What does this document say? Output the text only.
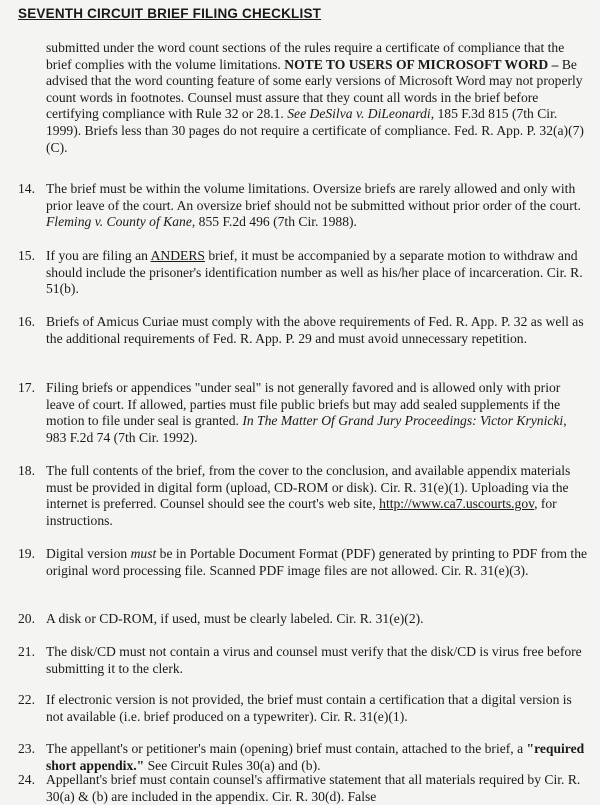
SEVENTH CIRCUIT BRIEF FILING CHECKLIST
submitted under the word count sections of the rules require a certificate of compliance that the brief complies with the volume limitations. NOTE TO USERS OF MICROSOFT WORD – Be advised that the word counting feature of some early versions of Microsoft Word may not properly count words in footnotes. Counsel must assure that they count all words in the brief before certifying compliance with Rule 32 or 28.1. See DeSilva v. DiLeonardi, 185 F.3d 815 (7th Cir. 1999). Briefs less than 30 pages do not require a certificate of compliance. Fed. R. App. P. 32(a)(7)(C).
14. The brief must be within the volume limitations. Oversize briefs are rarely allowed and only with prior leave of the court. An oversize brief should not be submitted without prior order of the court. Fleming v. County of Kane, 855 F.2d 496 (7th Cir. 1988).
15. If you are filing an ANDERS brief, it must be accompanied by a separate motion to withdraw and should include the prisoner's identification number as well as his/her place of incarceration. Cir. R. 51(b).
16. Briefs of Amicus Curiae must comply with the above requirements of Fed. R. App. P. 32 as well as the additional requirements of Fed. R. App. P. 29 and must avoid unnecessary repetition.
17. Filing briefs or appendices "under seal" is not generally favored and is allowed only with prior leave of court. If allowed, parties must file public briefs but may add sealed supplements if the motion to file under seal is granted. In The Matter Of Grand Jury Proceedings: Victor Krynicki, 983 F.2d 74 (7th Cir. 1992).
18. The full contents of the brief, from the cover to the conclusion, and available appendix materials must be provided in digital form (upload, CD-ROM or disk). Cir. R. 31(e)(1). Uploading via the internet is preferred. Counsel should see the court's web site, http://www.ca7.uscourts.gov, for instructions.
19. Digital version must be in Portable Document Format (PDF) generated by printing to PDF from the original word processing file. Scanned PDF image files are not allowed. Cir. R. 31(e)(3).
20. A disk or CD-ROM, if used, must be clearly labeled. Cir. R. 31(e)(2).
21. The disk/CD must not contain a virus and counsel must verify that the disk/CD is virus free before submitting it to the clerk.
22. If electronic version is not provided, the brief must contain a certification that a digital version is not available (i.e. brief produced on a typewriter). Cir. R. 31(e)(1).
23. The appellant's or petitioner's main (opening) brief must contain, attached to the brief, a "required short appendix." See Circuit Rules 30(a) and (b).
24. Appellant's brief must contain counsel's affirmative statement that all materials required by Cir. R. 30(a) & (b) are included in the appendix. Cir. R. 30(d). False
